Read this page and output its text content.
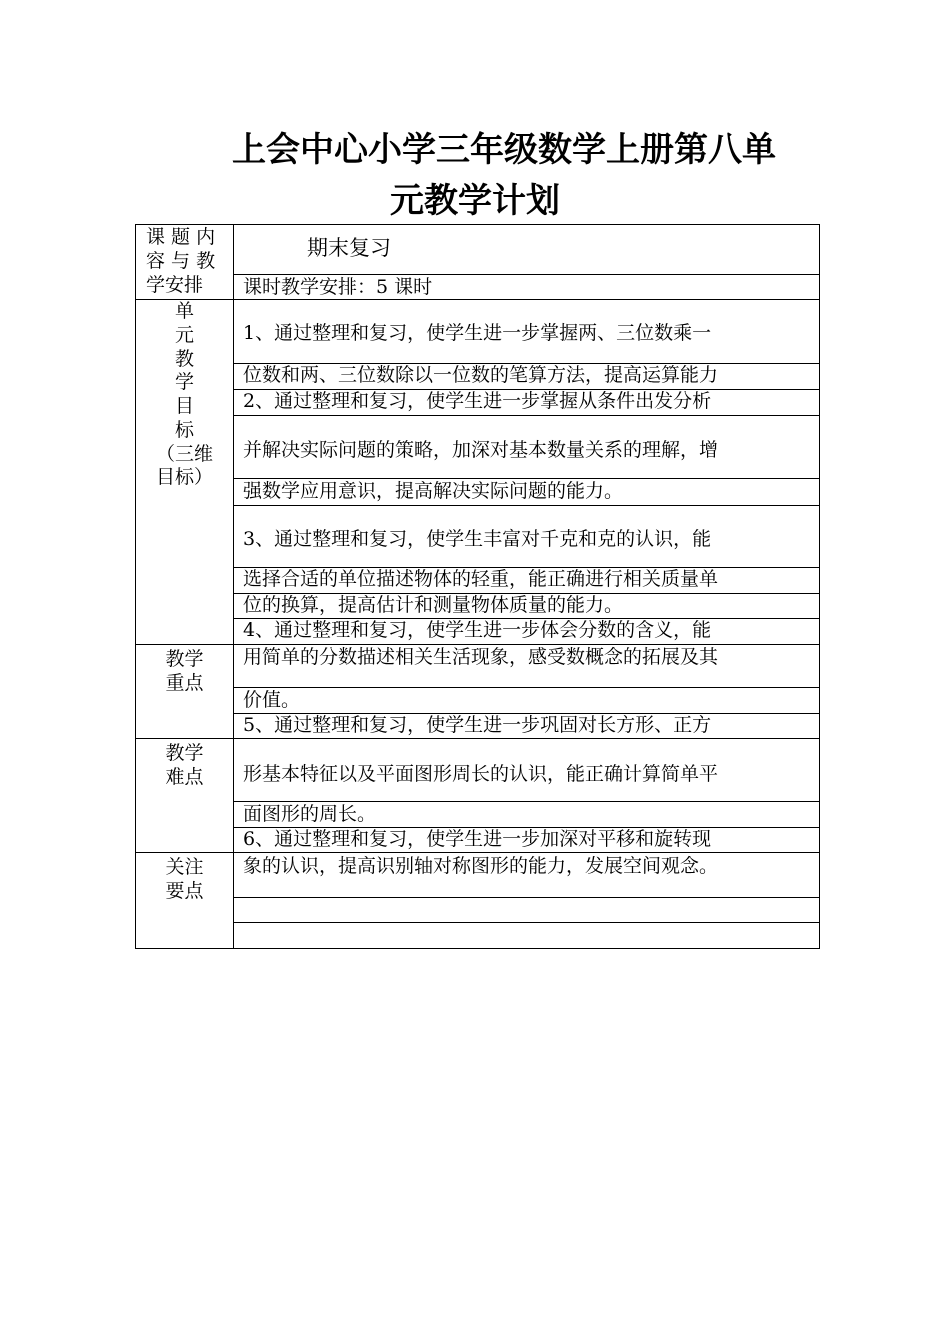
上会中心小学三年级数学上册第八单
元教学计划
课 题 内
容 与 教
学安排
单
元
教
学
目
标
（三维
目标）
教学
重点
教学
难点
关注
要点
期末复习
课时教学安排：5 课时
1、通过整理和复习，使学生进一步掌握两、三位数乘一
位数和两、三位数除以一位数的笔算方法，提高运算能力
2、通过整理和复习，使学生进一步掌握从条件出发分析
并解决实际问题的策略，加深对基本数量关系的理解，增
强数学应用意识，提高解决实际问题的能力。
3、通过整理和复习，使学生丰富对千克和克的认识，能
选择合适的单位描述物体的轻重，能正确进行相关质量单
位的换算，提高估计和测量物体质量的能力。
4、通过整理和复习，使学生进一步体会分数的含义，能
用简单的分数描述相关生活现象，感受数概念的拓展及其
价值。
5、通过整理和复习，使学生进一步巩固对长方形、正方
形基本特征以及平面图形周长的认识，能正确计算简单平
面图形的周长。
6、通过整理和复习，使学生进一步加深对平移和旋转现
象的认识，提高识别轴对称图形的能力，发展空间观念。
